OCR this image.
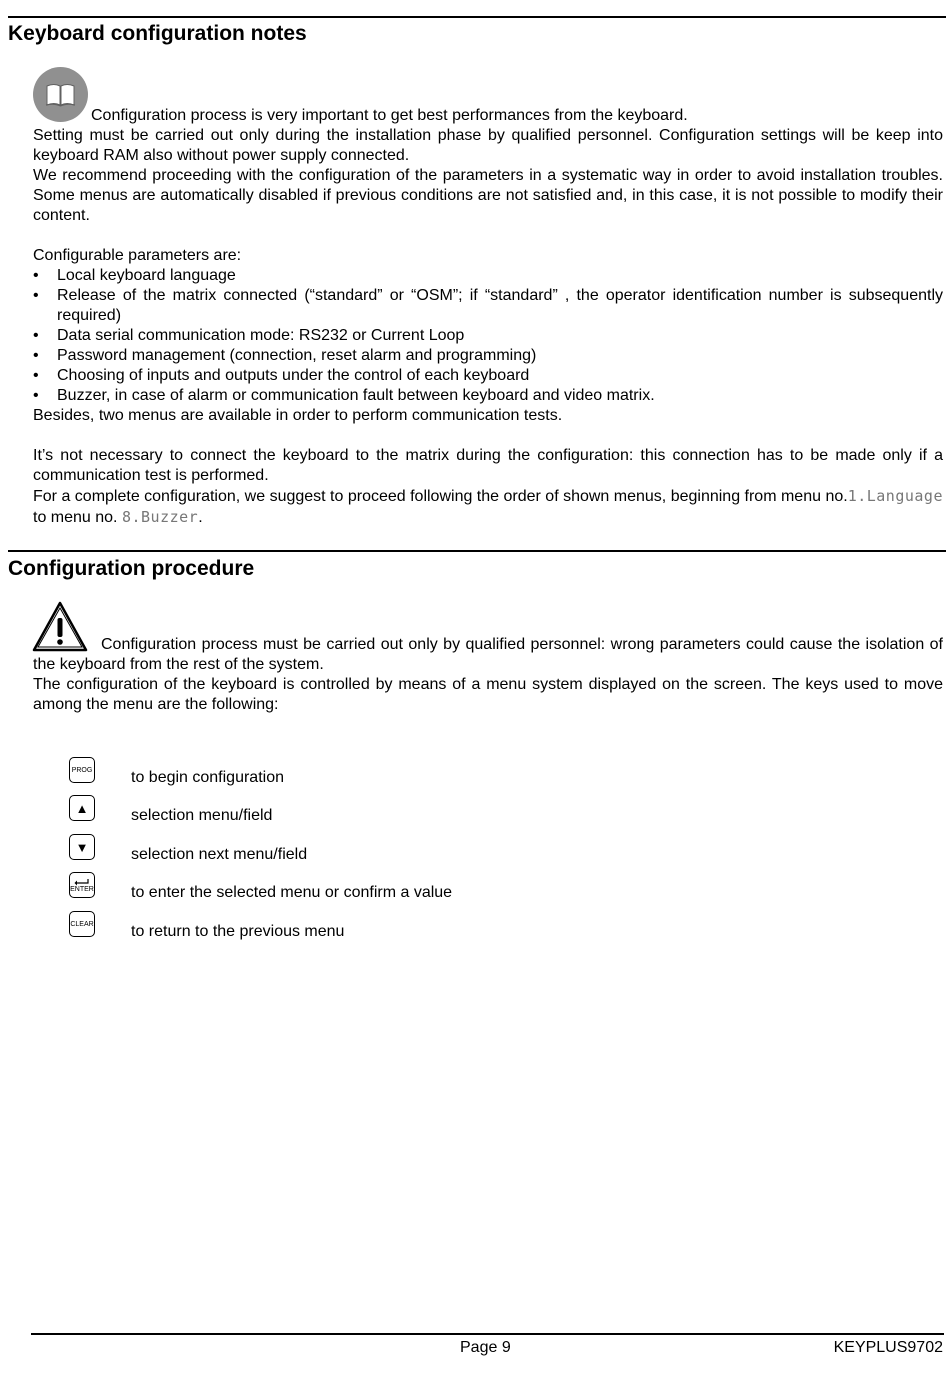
Keyboard configuration notes

Configuration process is very important to get best performances from the keyboard.

Setting must be carried out only during the installation phase by qualified personnel. Configuration settings will be keep into keyboard RAM also without power supply connected.

We recommend proceeding with the configuration of the parameters in a systematic way in order to avoid installation troubles. Some menus are automatically disabled if previous conditions are not satisfied and, in this case, it is not possible to modify their content.

Configurable parameters are:

• Local keyboard language
• Release of the matrix connected (“standard” or “OSM”; if “standard” , the operator identification number is subsequently required)
• Data serial communication mode: RS232 or Current Loop
• Password management (connection, reset alarm and programming)
• Choosing of inputs and outputs under the control of each keyboard
• Buzzer, in case of alarm or communication fault between keyboard and video matrix.

Besides, two menus are available in order to perform communication tests.

It’s not necessary to connect the keyboard to the matrix during the configuration: this connection has to be made only if a communication test is performed.

For a complete configuration, we suggest to proceed following the order of shown menus, beginning from menu no.1.Language to menu no. 8.Buzzer.

Configuration procedure

Configuration process must be carried out only by qualified personnel: wrong parameters could cause the isolation of the keyboard from the rest of the system.

The configuration of the keyboard is controlled by means of a menu system displayed on the screen. The keys used to move among the menu are the following:

PROG to begin configuration
▲	selection menu/field
▼	selection next menu/field
ENTER to enter the selected menu or confirm a value
CLEAR to return to the previous menu
Page 9	KEYPLUS9702
